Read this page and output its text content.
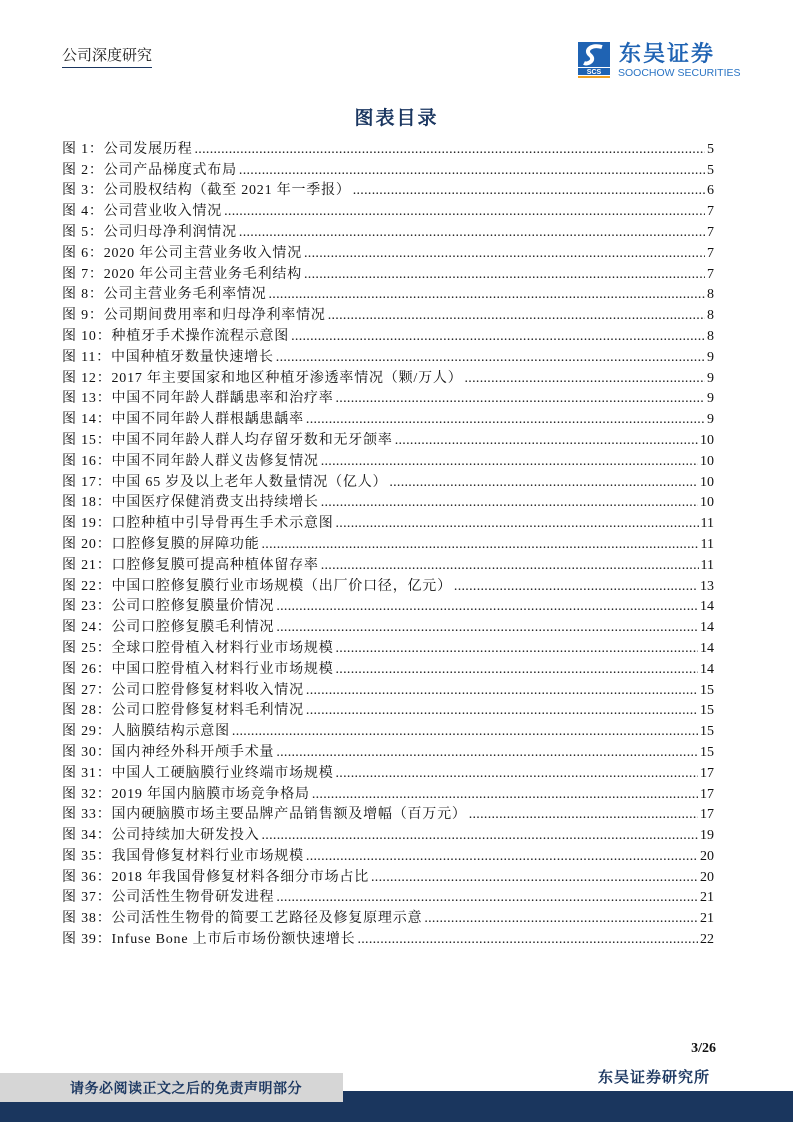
公司深度研究
SCS
东吴证券
SOOCHOW SECURITIES
图表目录
图 1：公司发展历程 .....	5
图 2：公司产品梯度式布局 .....	5
图 3：公司股权结构（截至 2021 年一季报） .....	6
图 4：公司营业收入情况 .....	7
图 5：公司归母净利润情况 .....	7
图 6：2020 年公司主营业务收入情况 .....	7
图 7：2020 年公司主营业务毛利结构 .....	7
图 8：公司主营业务毛利率情况 .....	8
图 9：公司期间费用率和归母净利率情况 .....	8
图 10：种植牙手术操作流程示意图 .....	8
图 11：中国种植牙数量快速增长 .....	9
图 12：2017 年主要国家和地区种植牙渗透率情况（颗/万人） .....	9
图 13：中国不同年龄人群龋患率和治疗率 .....	9
图 14：中国不同年龄人群根龋患龋率 .....	9
图 15：中国不同年龄人群人均存留牙数和无牙颌率 .....	10
图 16：中国不同年龄人群义齿修复情况 .....	10
图 17：中国 65 岁及以上老年人数量情况（亿人） .....	10
图 18：中国医疗保健消费支出持续增长 .....	10
图 19：口腔种植中引导骨再生手术示意图 .....	11
图 20：口腔修复膜的屏障功能 .....	11
图 21：口腔修复膜可提高种植体留存率 .....	11
图 22：中国口腔修复膜行业市场规模（出厂价口径，亿元） .....	13
图 23：公司口腔修复膜量价情况 .....	14
图 24：公司口腔修复膜毛利情况 .....	14
图 25：全球口腔骨植入材料行业市场规模 .....	14
图 26：中国口腔骨植入材料行业市场规模 .....	14
图 27：公司口腔骨修复材料收入情况 .....	15
图 28：公司口腔骨修复材料毛利情况 .....	15
图 29：人脑膜结构示意图 .....	15
图 30：国内神经外科开颅手术量 .....	15
图 31：中国人工硬脑膜行业终端市场规模 .....	17
图 32：2019 年国内脑膜市场竞争格局 .....	17
图 33：国内硬脑膜市场主要品牌产品销售额及增幅（百万元） .....	17
图 34：公司持续加大研发投入 .....	19
图 35：我国骨修复材料行业市场规模 .....	20
图 36：2018 年我国骨修复材料各细分市场占比 .....	20
图 37：公司活性生物骨研发进程 .....	21
图 38：公司活性生物骨的简要工艺路径及修复原理示意 .....	21
图 39：Infuse Bone 上市后市场份额快速增长 .....	22
3/26
东吴证券研究所
请务必阅读正文之后的免责声明部分
